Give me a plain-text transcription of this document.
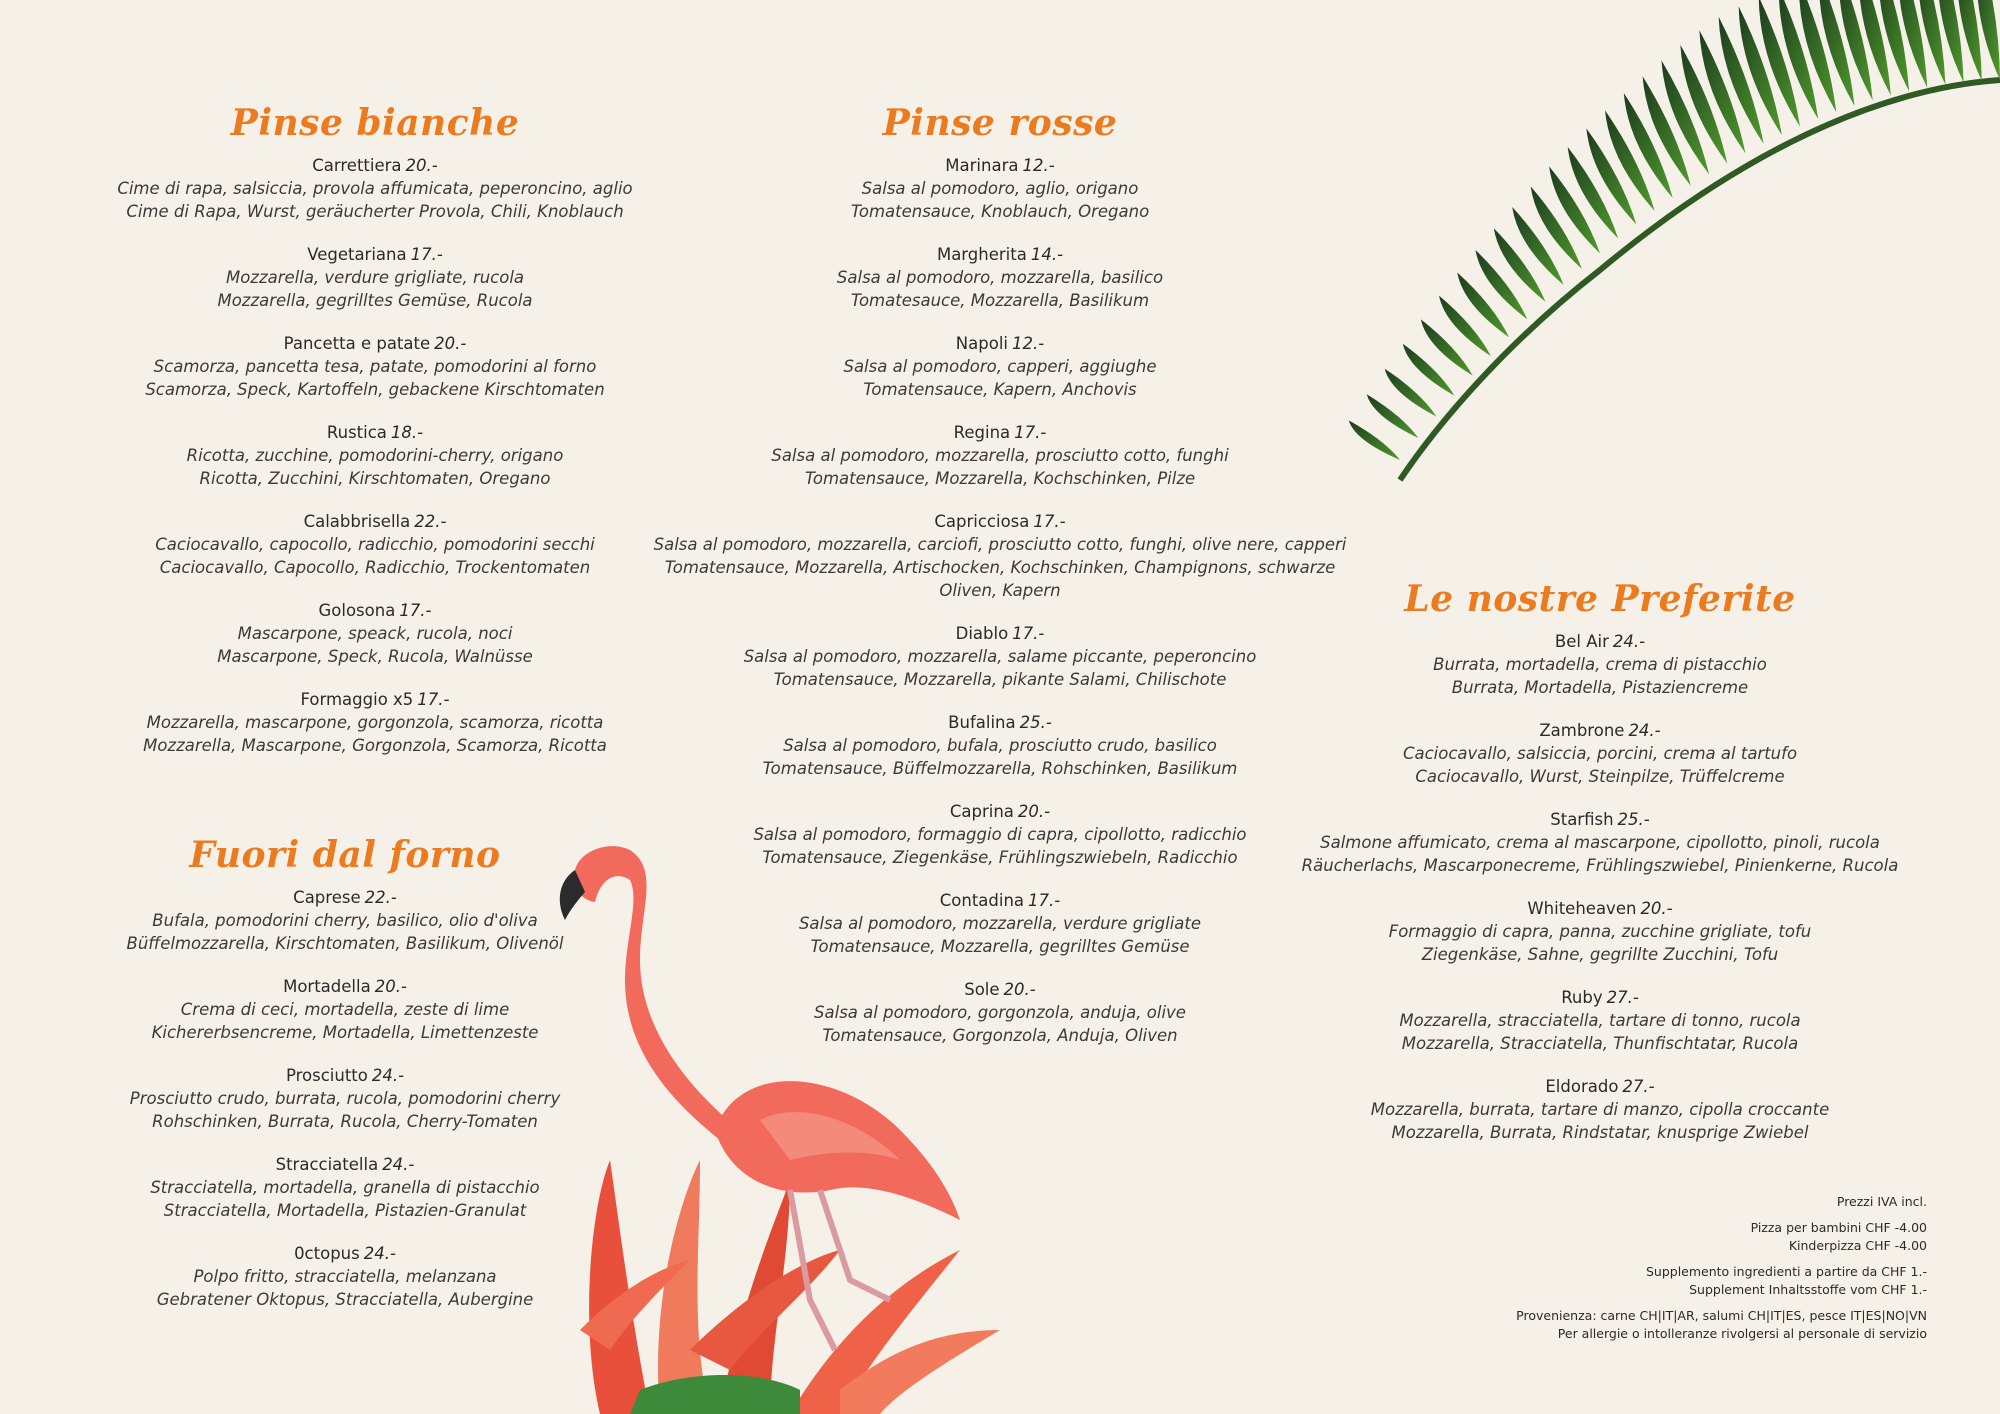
Pinse bianche
Carrettiera 20.-
Cime di rapa, salsiccia, provola affumicata, peperoncino, aglio
Cime di Rapa, Wurst, geräucherter Provola, Chili, Knoblauch
Vegetariana 17.-
Mozzarella, verdure grigliate, rucola
Mozzarella, gegrilltes Gemüse, Rucola
Pancetta e patate 20.-
Scamorza, pancetta tesa, patate, pomodorini al forno
Scamorza, Speck, Kartoffeln, gebackene Kirschtomaten
Rustica 18.-
Ricotta, zucchine, pomodorini-cherry, origano
Ricotta, Zucchini, Kirschtomaten, Oregano
Calabbrisella 22.-
Caciocavallo, capocollo, radicchio, pomodorini secchi
Caciocavallo, Capocollo, Radicchio, Trockentomaten
Golosona 17.-
Mascarpone, speack, rucola, noci
Mascarpone, Speck, Rucola, Walnüsse
Formaggio x5 17.-
Mozzarella, mascarpone, gorgonzola, scamorza, ricotta
Mozzarella, Mascarpone, Gorgonzola, Scamorza, Ricotta
Pinse rosse
Marinara 12.-
Salsa al pomodoro, aglio, origano
Tomatensauce, Knoblauch, Oregano
Margherita 14.-
Salsa al pomodoro, mozzarella, basilico
Tomatesauce, Mozzarella, Basilikum
Napoli 12.-
Salsa al pomodoro, capperi, aggiughe
Tomatensauce, Kapern, Anchovis
Regina 17.-
Salsa al pomodoro, mozzarella, prosciutto cotto, funghi
Tomatensauce, Mozzarella, Kochschinken, Pilze
Capricciosa 17.-
Salsa al pomodoro, mozzarella, carciofi, prosciutto cotto, funghi, olive nere, capperi
Tomatensauce, Mozzarella, Artischocken, Kochschinken, Champignons, schwarze Oliven, Kapern
Diablo 17.-
Salsa al pomodoro, mozzarella, salame piccante, peperoncino
Tomatensauce, Mozzarella, pikante Salami, Chilischote
Bufalina 25.-
Salsa al pomodoro, bufala, prosciutto crudo, basilico
Tomatensauce, Büffelmozzarella, Rohschinken, Basilikum
Caprina 20.-
Salsa al pomodoro, formaggio di capra, cipollotto, radicchio
Tomatensauce, Ziegenkäse, Frühlingszwiebeln, Radicchio
Contadina 17.-
Salsa al pomodoro, mozzarella, verdure grigliate
Tomatensauce, Mozzarella, gegrilltes Gemüse
Sole 20.-
Salsa al pomodoro, gorgonzola, anduja, olive
Tomatensauce, Gorgonzola, Anduja, Oliven
Fuori dal forno
Caprese 22.-
Bufala, pomodorini cherry, basilico, olio d'oliva
Büffelmozzarella, Kirschtomaten, Basilikum, Olivenöl
Mortadella 20.-
Crema di ceci, mortadella, zeste di lime
Kichererbsencreme, Mortadella, Limettenzeste
Prosciutto 24.-
Prosciutto crudo, burrata, rucola, pomodorini cherry
Rohschinken, Burrata, Rucola, Cherry-Tomaten
Stracciatella 24.-
Stracciatella, mortadella, granella di pistacchio
Stracciatella, Mortadella, Pistazien-Granulat
0ctopus 24.-
Polpo fritto, stracciatella, melanzana
Gebratener Oktopus, Stracciatella, Aubergine
Le nostre Preferite
Bel Air 24.-
Burrata, mortadella, crema di pistacchio
Burrata, Mortadella, Pistaziencreme
Zambrone 24.-
Caciocavallo, salsiccia, porcini, crema al tartufo
Caciocavallo, Wurst, Steinpilze, Trüffelcreme
Starfish 25.-
Salmone affumicato, crema al mascarpone, cipollotto, pinoli, rucola
Räucherlachs, Mascarponecreme, Frühlingszwiebel, Pinienkerne, Rucola
Whiteheaven 20.-
Formaggio di capra, panna, zucchine grigliate, tofu
Ziegenkäse, Sahne, gegrillte Zucchini, Tofu
Ruby 27.-
Mozzarella, stracciatella, tartare di tonno, rucola
Mozzarella, Stracciatella, Thunfischtatar, Rucola
Eldorado 27.-
Mozzarella, burrata, tartare di manzo, cipolla croccante
Mozzarella, Burrata, Rindstatar, knusprige Zwiebel
Prezzi IVA incl.
Pizza per bambini CHF -4.00
Kinderpizza CHF -4.00
Supplemento ingredienti a partire da CHF 1.-
Supplement Inhaltsstoffe vom CHF 1.-
Provenienza: carne CH|IT|AR, salumi CH|IT|ES, pesce IT|ES|NO|VN
Per allergie o intolleranze rivolgersi al personale di servizio
